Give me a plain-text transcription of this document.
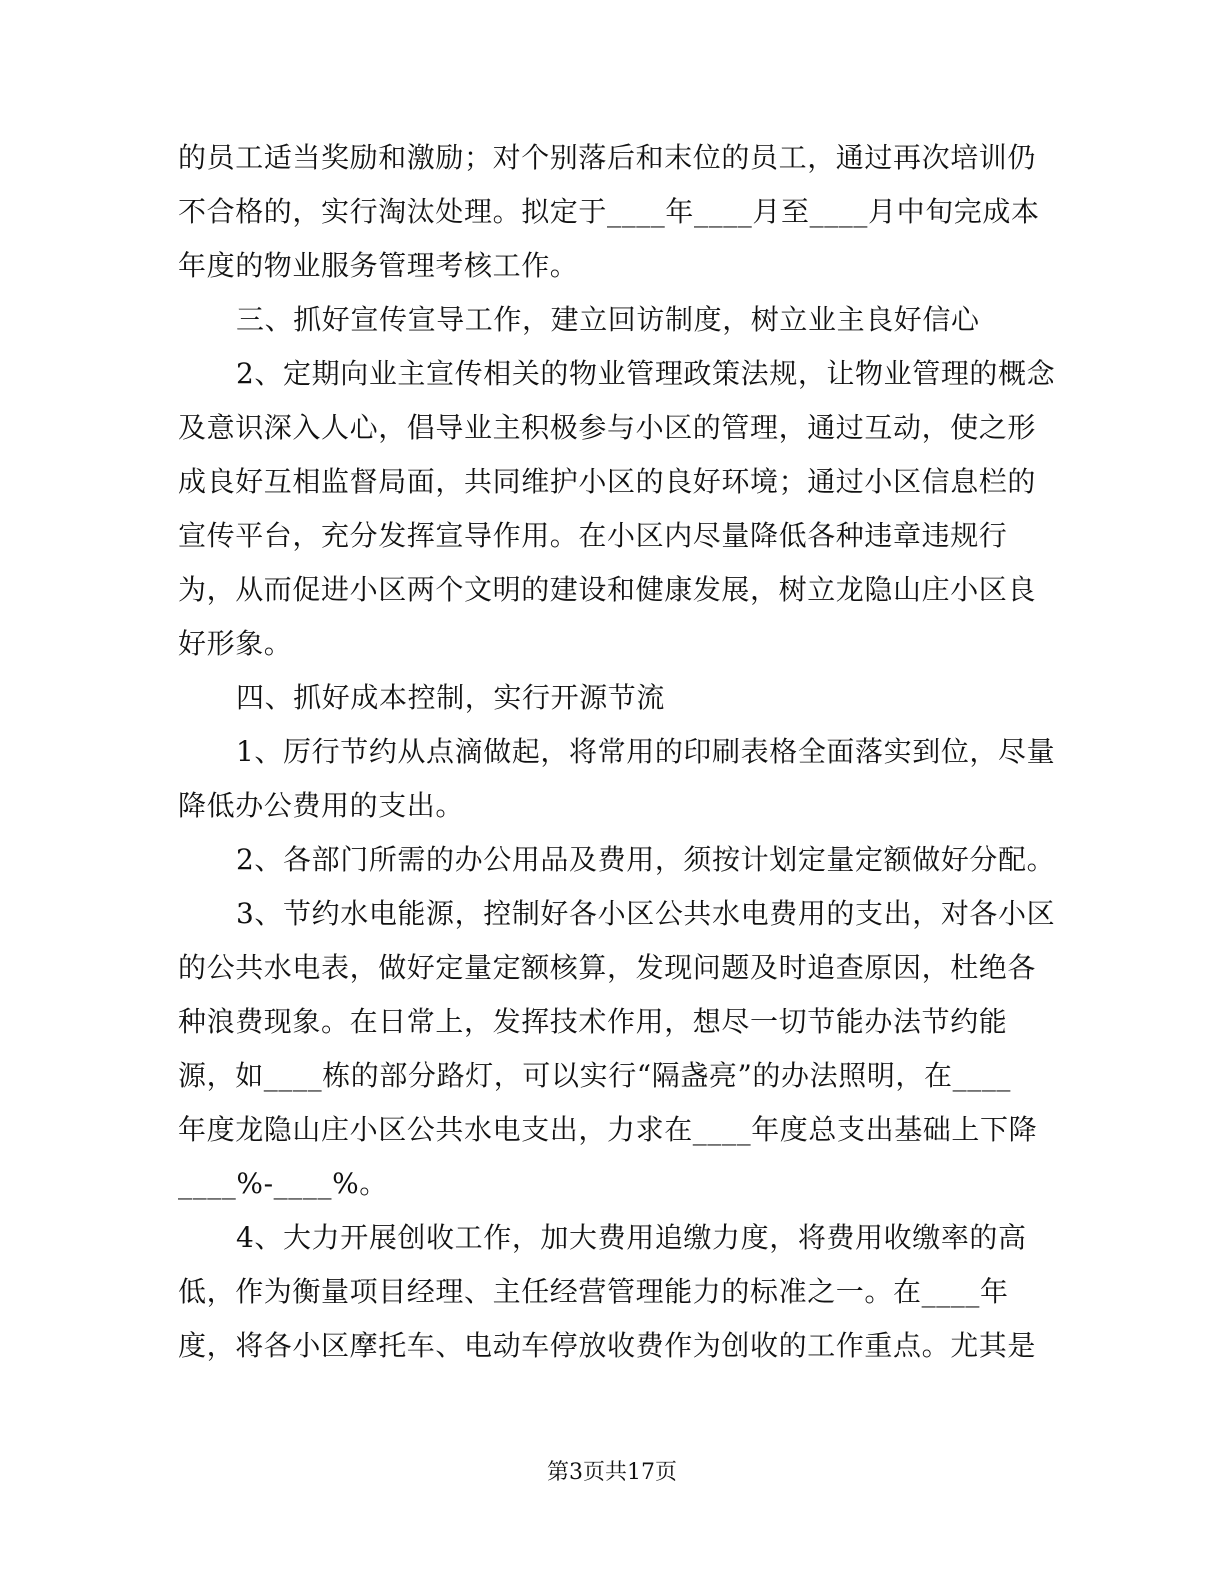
的员工适当奖励和激励；对个别落后和末位的员工，通过再次培训仍
不合格的，实行淘汰处理。拟定于____年____月至____月中旬完成本
年度的物业服务管理考核工作。
三、抓好宣传宣导工作，建立回访制度，树立业主良好信心
2、定期向业主宣传相关的物业管理政策法规，让物业管理的概念
及意识深入人心，倡导业主积极参与小区的管理，通过互动，使之形
成良好互相监督局面，共同维护小区的良好环境；通过小区信息栏的
宣传平台，充分发挥宣导作用。在小区内尽量降低各种违章违规行
为，从而促进小区两个文明的建设和健康发展，树立龙隐山庄小区良
好形象。
四、抓好成本控制，实行开源节流
1、厉行节约从点滴做起，将常用的印刷表格全面落实到位，尽量
降低办公费用的支出。
2、各部门所需的办公用品及费用，须按计划定量定额做好分配。
3、节约水电能源，控制好各小区公共水电费用的支出，对各小区
的公共水电表，做好定量定额核算，发现问题及时追查原因，杜绝各
种浪费现象。在日常上，发挥技术作用，想尽一切节能办法节约能
源，如____栋的部分路灯，可以实行“隔盏亮”的办法照明，在____
年度龙隐山庄小区公共水电支出，力求在____年度总支出基础上下降
____%-____%。
4、大力开展创收工作，加大费用追缴力度，将费用收缴率的高
低，作为衡量项目经理、主任经营管理能力的标准之一。在____年
度，将各小区摩托车、电动车停放收费作为创收的工作重点。尤其是
第3页共17页
